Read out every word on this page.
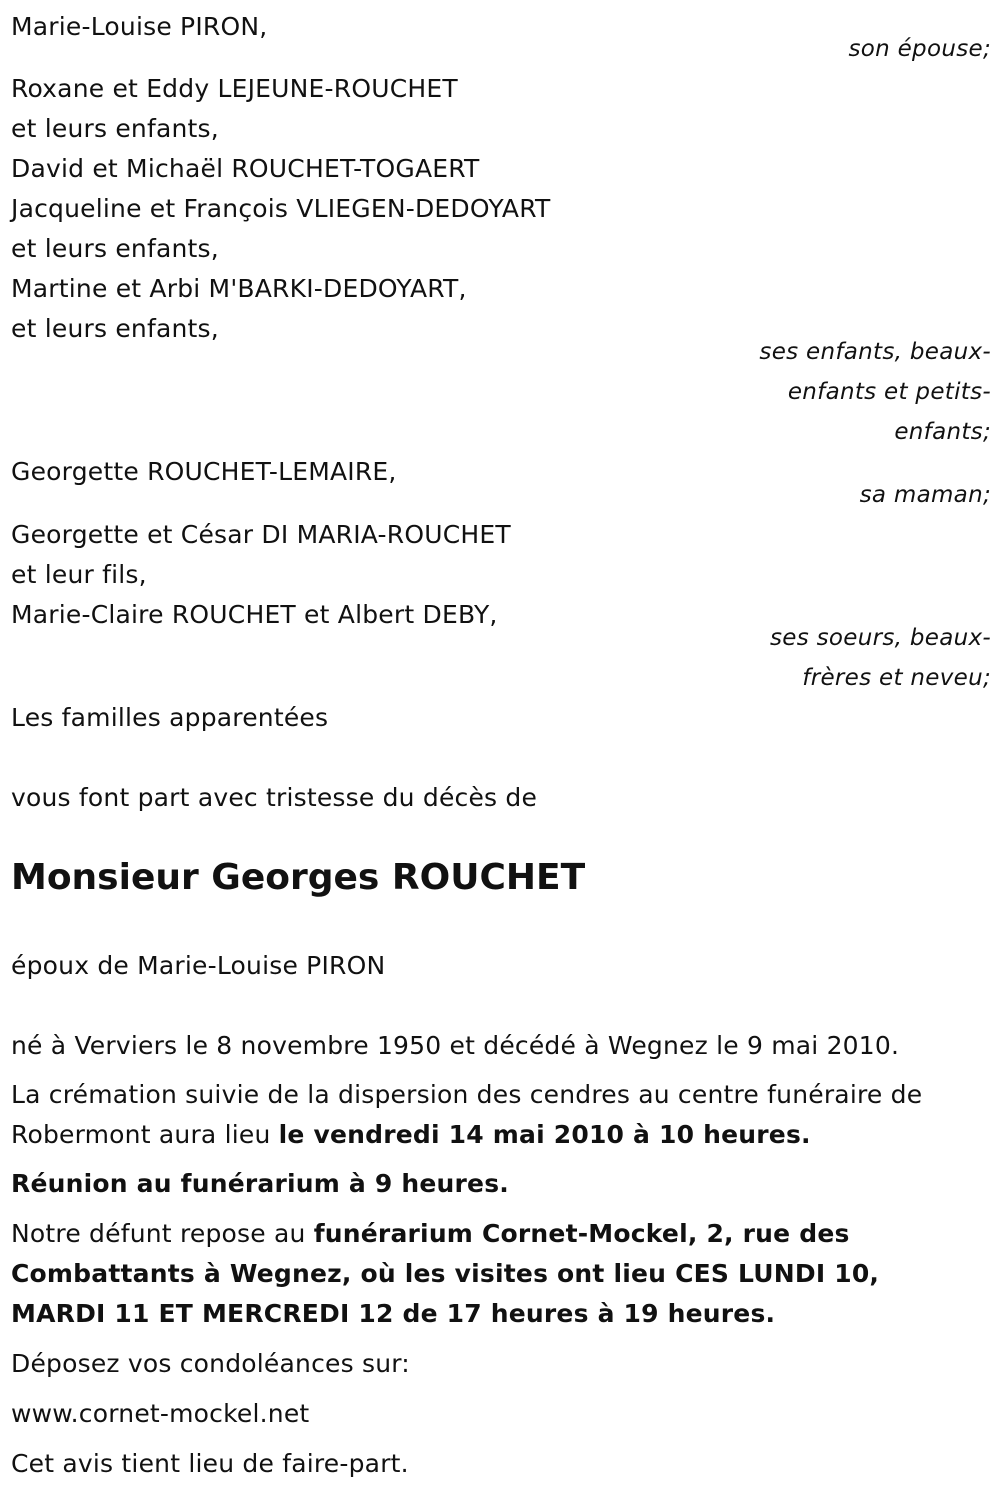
Marie-Louise PIRON,
son épouse;
Roxane et Eddy LEJEUNE-ROUCHET
et leurs enfants,
David et Michaël ROUCHET-TOGAERT
Jacqueline et François VLIEGEN-DEDOYART
et leurs enfants,
Martine et Arbi M'BARKI-DEDOYART,
et leurs enfants,
ses enfants, beaux-
enfants et petits-
enfants;
Georgette ROUCHET-LEMAIRE,
sa maman;
Georgette et César DI MARIA-ROUCHET
et leur fils,
Marie-Claire ROUCHET et Albert DEBY,
ses soeurs, beaux-
frères et neveu;
Les familles apparentées
vous font part avec tristesse du décès de
Monsieur Georges ROUCHET
époux de Marie-Louise PIRON
né à Verviers le 8 novembre 1950 et décédé à Wegnez le 9 mai 2010.
La crémation suivie de la dispersion des cendres au centre funéraire de Robermont aura lieu le vendredi 14 mai 2010 à 10 heures.
Réunion au funérarium à 9 heures.
Notre défunt repose au funérarium Cornet-Mockel, 2, rue des Combattants à Wegnez, où les visites ont lieu CES LUNDI 10, MARDI 11 ET MERCREDI 12 de 17 heures à 19 heures.
Déposez vos condoléances sur:
www.cornet-mockel.net
Cet avis tient lieu de faire-part.
